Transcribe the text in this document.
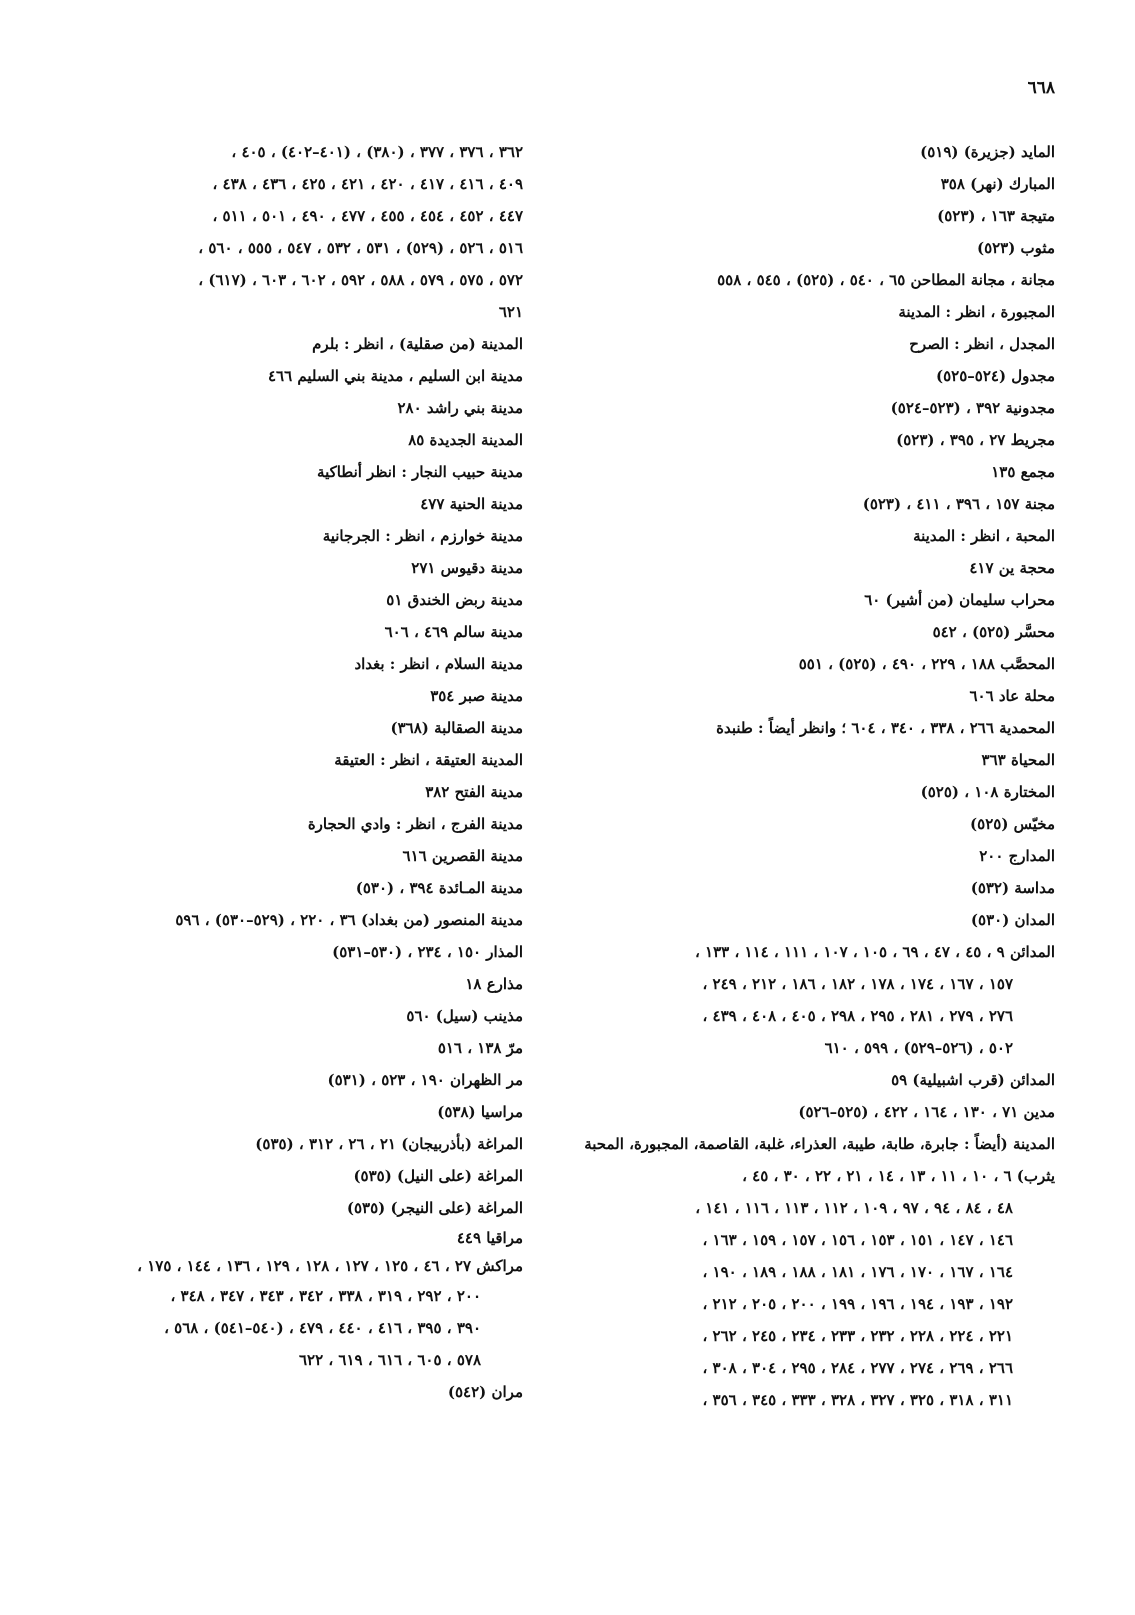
٦٦٨
المايد (جزيرة) (٥١٩)
المبارك (نهر) ٣٥٨
متيجة ١٦٣ ، (٥٢٣)
مثوب (٥٢٣)
مجانة ، مجانة المطاحن ٦٥ ، ٥٤٠ ، (٥٢٥) ، ٥٤٥ ، ٥٥٨
المجبورة ، انظر : المدينة
المجدل ، انظر : الصرح
مجدول (٥٢٤–٥٢٥)
مجدونية ٣٩٢ ، (٥٢٣–٥٢٤)
مجريط ٢٧ ، ٣٩٥ ، (٥٢٣)
مجمع ١٣٥
مجنة ١٥٧ ، ٣٩٦ ، ٤١١ ، (٥٢٣)
المحبة ، انظر : المدينة
محجة ين ٤١٧
محراب سليمان (من أشير) ٦٠
محسَّر (٥٢٥) ، ٥٤٢
المحصَّب ١٨٨ ، ٢٢٩ ، ٤٩٠ ، (٥٢٥) ، ٥٥١
محلة عاد ٦٠٦
المحمدية ٢٦٦ ، ٣٣٨ ، ٣٤٠ ، ٦٠٤ ؛ وانظر أيضاً : طنبدة
المحياة ٣٦٣
المختارة ١٠٨ ، (٥٢٥)
مخيّس (٥٢٥)
المدارج ٢٠٠
مداسة (٥٣٢)
المدان (٥٣٠)
المدائن ٩ ، ٤٥ ، ٤٧ ، ٦٩ ، ١٠٥ ، ١٠٧ ، ١١١ ، ١١٤ ، ١٣٣ ،
١٥٧ ، ١٦٧ ، ١٧٤ ، ١٧٨ ، ١٨٢ ، ١٨٦ ، ٢١٢ ، ٢٤٩ ،
٢٧٦ ، ٢٧٩ ، ٢٨١ ، ٢٩٥ ، ٢٩٨ ، ٤٠٥ ، ٤٠٨ ، ٤٣٩ ،
٥٠٢ ، (٥٢٦–٥٢٩) ، ٥٩٩ ، ٦١٠
المدائن (قرب اشبيلية) ٥٩
مدين ٧١ ، ١٣٠ ، ١٦٤ ، ٤٢٢ ، (٥٢٥–٥٢٦)
المدينة (أيضاً : جابرة، طابة، طيبة، العذراء، غلبة، القاصمة، المجبورة، المحبة
يثرب) ٦ ، ١٠ ، ١١ ، ١٣ ، ١٤ ، ٢١ ، ٢٢ ، ٣٠ ، ٤٥ ،
٤٨ ، ٨٤ ، ٩٤ ، ٩٧ ، ١٠٩ ، ١١٢ ، ١١٣ ، ١١٦ ، ١٤١ ،
١٤٦ ، ١٤٧ ، ١٥١ ، ١٥٣ ، ١٥٦ ، ١٥٧ ، ١٥٩ ، ١٦٣ ،
١٦٤ ، ١٦٧ ، ١٧٠ ، ١٧٦ ، ١٨١ ، ١٨٨ ، ١٨٩ ، ١٩٠ ،
١٩٢ ، ١٩٣ ، ١٩٤ ، ١٩٦ ، ١٩٩ ، ٢٠٠ ، ٢٠٥ ، ٢١٢ ،
٢٢١ ، ٢٢٤ ، ٢٢٨ ، ٢٣٢ ، ٢٣٣ ، ٢٣٤ ، ٢٤٥ ، ٢٦٢ ،
٢٦٦ ، ٢٦٩ ، ٢٧٤ ، ٢٧٧ ، ٢٨٤ ، ٢٩٥ ، ٣٠٤ ، ٣٠٨ ،
٣١١ ، ٣١٨ ، ٣٢٥ ، ٣٢٧ ، ٣٢٨ ، ٣٣٣ ، ٣٤٥ ، ٣٥٦ ،
٣٦٢ ، ٣٧٦ ، ٣٧٧ ، (٣٨٠) ، (٤٠١–٤٠٢) ، ٤٠٥ ،
٤٠٩ ، ٤١٦ ، ٤١٧ ، ٤٢٠ ، ٤٢١ ، ٤٢٥ ، ٤٣٦ ، ٤٣٨ ،
٤٤٧ ، ٤٥٢ ، ٤٥٤ ، ٤٥٥ ، ٤٧٧ ، ٤٩٠ ، ٥٠١ ، ٥١١ ،
٥١٦ ، ٥٢٦ ، (٥٢٩) ، ٥٣١ ، ٥٣٢ ، ٥٤٧ ، ٥٥٥ ، ٥٦٠ ،
٥٧٢ ، ٥٧٥ ، ٥٧٩ ، ٥٨٨ ، ٥٩٢ ، ٦٠٢ ، ٦٠٣ ، (٦١٧) ،
٦٢١
المدينة (من صقلية) ، انظر : بلرم
مدينة ابن السليم ، مدينة بني السليم ٤٦٦
مدينة بني راشد ٢٨٠
المدينة الجديدة ٨٥
مدينة حبيب النجار : انظر أنطاكية
مدينة الحنية ٤٧٧
مدينة خوارزم ، انظر : الجرجانية
مدينة دقيوس ٢٧١
مدينة ربض الخندق ٥١
مدينة سالم ٤٦٩ ، ٦٠٦
مدينة السلام ، انظر : بغداد
مدينة صبر ٣٥٤
مدينة الصقالبة (٣٦٨)
المدينة العتيقة ، انظر : العتيقة
مدينة الفتح ٣٨٢
مدينة الفرج ، انظر : وادي الحجارة
مدينة القصرين ٦١٦
مدينة المـائدة ٣٩٤ ، (٥٣٠)
مدينة المنصور (من بغداد) ٣٦ ، ٢٢٠ ، (٥٢٩–٥٣٠) ، ٥٩٦
المذار ١٥٠ ، ٢٣٤ ، (٥٣٠–٥٣١)
مذارع ١٨
مذينب (سيل) ٥٦٠
مرّ ١٣٨ ، ٥١٦
مر الظهران ١٩٠ ، ٥٢٣ ، (٥٣١)
مراسيا (٥٣٨)
المراغة (بأذربيجان) ٢١ ، ٢٦ ، ٣١٢ ، (٥٣٥)
المراغة (على النيل) (٥٣٥)
المراغة (على النيجر) (٥٣٥)
مراقيا ٤٤٩
مراكش ٢٧ ، ٤٦ ، ١٢٥ ، ١٢٧ ، ١٢٨ ، ١٢٩ ، ١٣٦ ، ١٤٤ ، ١٧٥ ،
٢٠٠ ، ٢٩٢ ، ٣١٩ ، ٣٣٨ ، ٣٤٢ ، ٣٤٣ ، ٣٤٧ ، ٣٤٨ ،
٣٩٠ ، ٣٩٥ ، ٤١٦ ، ٤٤٠ ، ٤٧٩ ، (٥٤٠–٥٤١) ، ٥٦٨ ،
٥٧٨ ، ٦٠٥ ، ٦١٦ ، ٦١٩ ، ٦٢٢
مران (٥٤٢)
